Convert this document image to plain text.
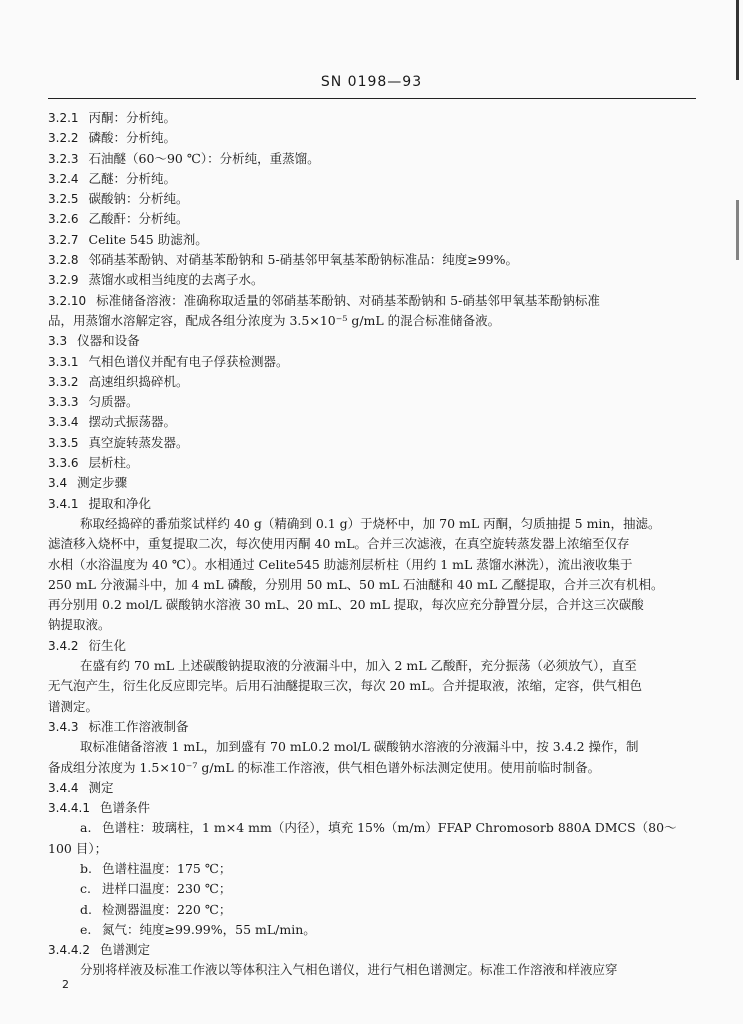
SN 0198—93
3.2.1 丙酮：分析纯。
3.2.2 磷酸：分析纯。
3.2.3 石油醚（60～90 ℃）：分析纯，重蒸馏。
3.2.4 乙醚：分析纯。
3.2.5 碳酸钠：分析纯。
3.2.6 乙酸酐：分析纯。
3.2.7 Celite 545 助滤剂。
3.2.8 邻硝基苯酚钠、对硝基苯酚钠和 5-硝基邻甲氧基苯酚钠标准品：纯度≥99%。
3.2.9 蒸馏水或相当纯度的去离子水。
3.2.10 标准储备溶液：准确称取适量的邻硝基苯酚钠、对硝基苯酚钠和 5-硝基邻甲氧基苯酚钠标准
品，用蒸馏水溶解定容，配成各组分浓度为 3.5×10⁻⁵ g/mL 的混合标准储备液。
3.3 仪器和设备
3.3.1 气相色谱仪并配有电子俘获检测器。
3.3.2 高速组织捣碎机。
3.3.3 匀质器。
3.3.4 摆动式振荡器。
3.3.5 真空旋转蒸发器。
3.3.6 层析柱。
3.4 测定步骤
3.4.1 提取和净化
称取经捣碎的番茄浆试样约 40 g（精确到 0.1 g）于烧杯中，加 70 mL 丙酮，匀质抽提 5 min，抽滤。
滤渣移入烧杯中，重复提取二次，每次使用丙酮 40 mL。合并三次滤液，在真空旋转蒸发器上浓缩至仅存
水相（水浴温度为 40 ℃）。水相通过 Celite545 助滤剂层析柱（用约 1 mL 蒸馏水淋洗），流出液收集于
250 mL 分液漏斗中，加 4 mL 磷酸，分别用 50 mL、50 mL 石油醚和 40 mL 乙醚提取，合并三次有机相。
再分别用 0.2 mol/L 碳酸钠水溶液 30 mL、20 mL、20 mL 提取，每次应充分静置分层，合并这三次碳酸
钠提取液。
3.4.2 衍生化
在盛有约 70 mL 上述碳酸钠提取液的分液漏斗中，加入 2 mL 乙酸酐，充分振荡（必须放气），直至
无气泡产生，衍生化反应即完毕。后用石油醚提取三次，每次 20 mL。合并提取液，浓缩，定容，供气相色
谱测定。
3.4.3 标准工作溶液制备
取标准储备溶液 1 mL，加到盛有 70 mL0.2 mol/L 碳酸钠水溶液的分液漏斗中，按 3.4.2 操作，制
备成组分浓度为 1.5×10⁻⁷ g/mL 的标准工作溶液，供气相色谱外标法测定使用。使用前临时制备。
3.4.4 测定
3.4.4.1 色谱条件
a. 色谱柱：玻璃柱，1 m×4 mm（内径），填充 15%（m/m）FFAP Chromosorb 880A DMCS（80～
100 目）；
b. 色谱柱温度：175 ℃；
c. 进样口温度：230 ℃；
d. 检测器温度：220 ℃；
e. 氮气：纯度≥99.99%，55 mL/min。
3.4.4.2 色谱测定
分别将样液及标准工作液以等体积注入气相色谱仪，进行气相色谱测定。标准工作溶液和样液应穿
2
